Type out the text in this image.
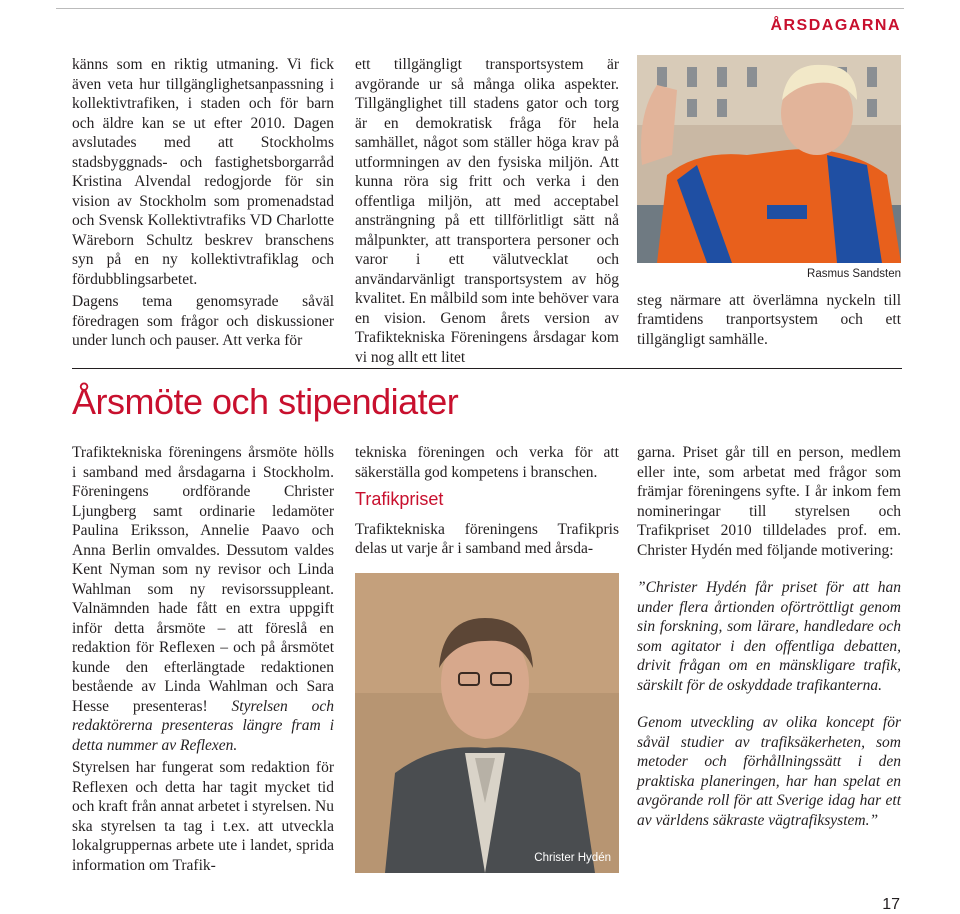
ÅRSDAGARNA

känns som en riktig utmaning. Vi fick även veta hur tillgänglighetsanpassning i kollektivtrafiken, i staden och för barn och äldre kan se ut efter 2010. Dagen avslutades med att Stockholms stadsbyggnads- och fastighetsborgarråd Kristina Alvendal redogjorde för sin vision av Stockholm som promenadstad och Svensk Kollektivtrafiks VD Charlotte Wäreborn Schultz beskrev branschens syn på en ny kollektivtrafiklag och fördubblingsarbetet.

Dagens tema genomsyrade såväl föredragen som frågor och diskussioner under lunch och pauser. Att verka för

ett tillgängligt transportsystem är avgörande ur så många olika aspekter. Tillgänglighet till stadens gator och torg är en demokratisk fråga för hela samhället, något som ställer höga krav på utformningen av den fysiska miljön. Att kunna röra sig fritt och verka i den offentliga miljön, att med acceptabel ansträngning på ett tillförlitligt sätt nå målpunkter, att transportera personer och varor i ett välutvecklat och användarvänligt transportsystem av hög kvalitet. En målbild som inte behöver vara en vision. Genom årets version av Trafiktekniska Föreningens årsdagar kom vi nog allt ett litet

Rasmus Sandsten

steg närmare att överlämna nyckeln till framtidens tranportsystem och ett tillgängligt samhälle.

Årsmöte och stipendiater

Trafiktekniska föreningens årsmöte hölls i samband med årsdagarna i Stockholm. Föreningens ordförande Christer Ljungberg samt ordinarie ledamöter Paulina Eriksson, Annelie Paavo och Anna Berlin omvaldes. Dessutom valdes Kent Nyman som ny revisor och Linda Wahlman som ny revisorssuppleant. Valnämnden hade fått en extra uppgift inför detta årsmöte – att föreslå en redaktion för Reflexen – och på årsmötet kunde den efterlängtade redaktionen bestående av Linda Wahlman och Sara Hesse presenteras! Styrelsen och redaktörerna presenteras längre fram i detta nummer av Reflexen.

Styrelsen har fungerat som redaktion för Reflexen och detta har tagit mycket tid och kraft från annat arbetet i styrelsen. Nu ska styrelsen ta tag i t.ex. att utveckla lokalgruppernas arbete ute i landet, sprida information om Trafik-

tekniska föreningen och verka för att säkerställa god kompetens i branschen.

Trafikpriset

Trafiktekniska föreningens Trafikpris delas ut varje år i samband med årsda-

Christer Hydén

garna. Priset går till en person, medlem eller inte, som arbetat med frågor som främjar föreningens syfte. I år inkom fem nomineringar till styrelsen och Trafikpriset 2010 tilldelades prof. em. Christer Hydén med följande motivering:

”Christer Hydén får priset för att han under flera årtionden oförtröttligt genom sin forskning, som lärare, handledare och som agitator i den offentliga debatten, drivit frågan om en mänskligare trafik, särskilt för de oskyddade trafikanterna.

Genom utveckling av olika koncept för såväl studier av trafiksäkerheten, som metoder och förhållningssätt i den praktiska planeringen, har han spelat en avgörande roll för att Sverige idag har ett av världens säkraste vägtrafiksystem.”

17
